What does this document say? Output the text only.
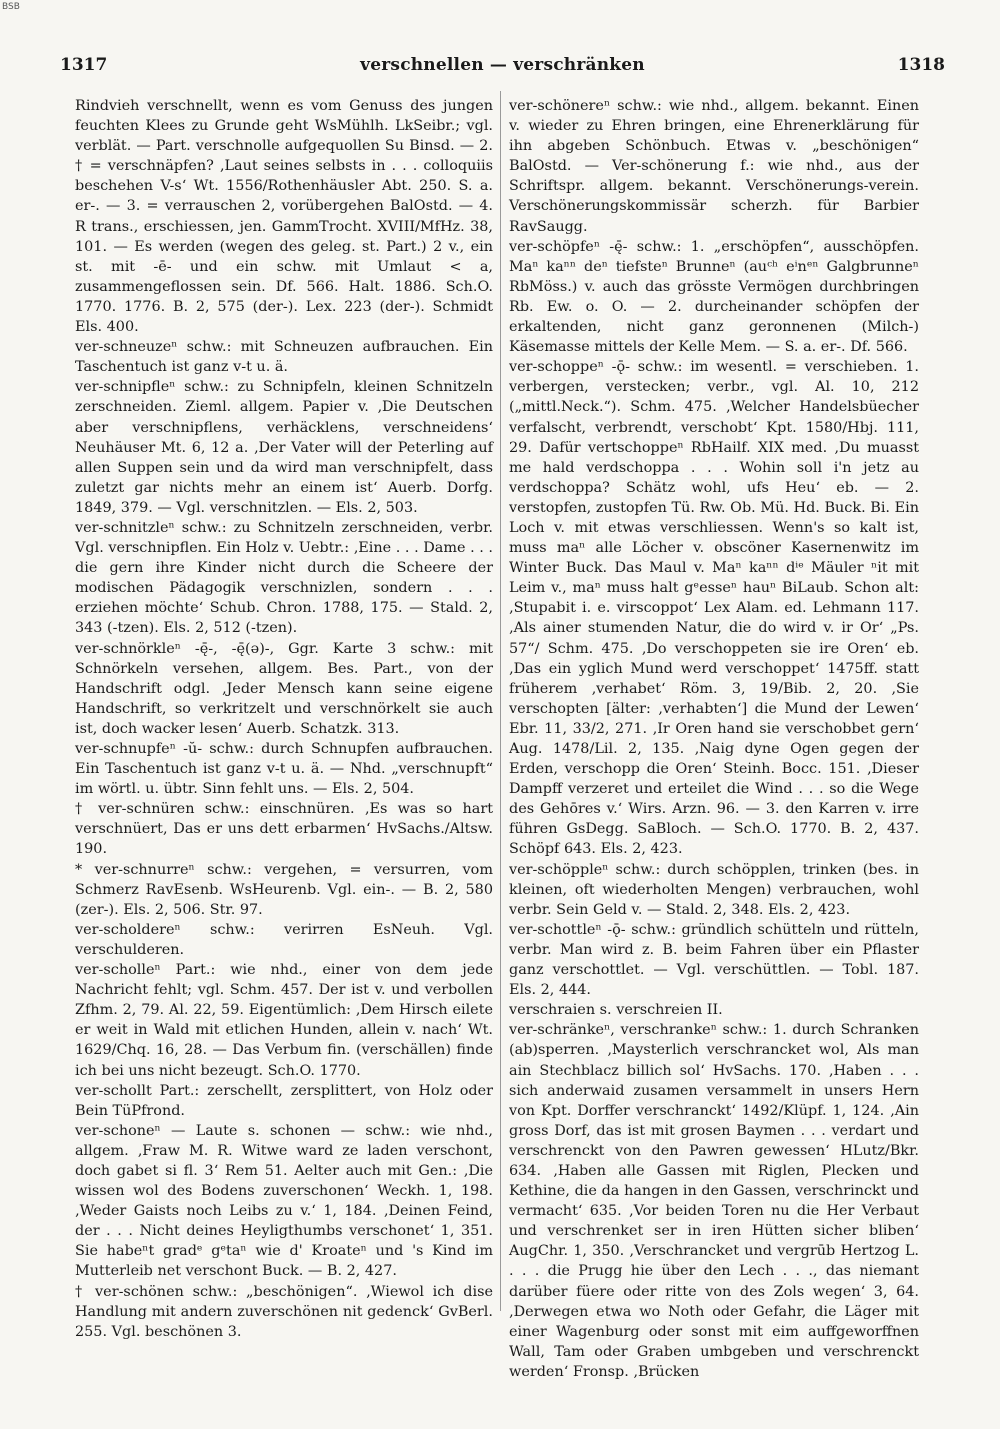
BSB
1317	verschnellen — verschränken	1318

Rindvieh verschnellt, wenn es vom Genuss des jungen feuchten Klees zu Grunde geht WsMühlh. LkSeibr.; vgl. verblät. — Part. verschnolle aufgequollen Su Binsd. — 2. † = verschnäpfen? ‚Laut seines selbsts in . . . colloquiis beschehen V-s‘ Wt. 1556/Rothenhäusler Abt. 250. S. a. er-. — 3. = verrauschen 2, vorübergehen BalOstd. — 4. R trans., erschiessen, jen. GammTrocht. XVIII/MfHz. 38, 101. — Es werden (wegen des geleg. st. Part.) 2 v., ein st. mit -ē- und ein schw. mit Umlaut < a, zusammengeflossen sein. Df. 566. Halt. 1886. Sch.O. 1770. 1776. B. 2, 575 (der-). Lex. 223 (der-). Schmidt Els. 400.

ver-schneuzeⁿ schw.: mit Schneuzen aufbrauchen. Ein Taschentuch ist ganz v-t u. ä.

ver-schnipfleⁿ schw.: zu Schnipfeln, kleinen Schnitzeln zerschneiden. Zieml. allgem. Papier v. ‚Die Deutschen aber verschnipflens, verhäcklens, verschneidens‘ Neuhäuser Mt. 6, 12 a. ‚Der Vater will der Peterling auf allen Suppen sein und da wird man verschnipfelt, dass zuletzt gar nichts mehr an einem ist‘ Auerb. Dorfg. 1849, 379. — Vgl. verschnitzlen. — Els. 2, 503.

ver-schnitzleⁿ schw.: zu Schnitzeln zerschneiden, verbr. Vgl. verschnipflen. Ein Holz v. Uebtr.: ‚Eine . . . Dame . . . die gern ihre Kinder nicht durch die Scheere der modischen Pädagogik verschnizlen, sondern . . . erziehen möchte‘ Schub. Chron. 1788, 175. — Stald. 2, 343 (-tzen). Els. 2, 512 (-tzen).

ver-schnörkleⁿ -ę̄-, -ę̄(ə)-, Ggr. Karte 3 schw.: mit Schnörkeln versehen, allgem. Bes. Part., von der Handschrift odgl. ‚Jeder Mensch kann seine eigene Handschrift, so verkritzelt und verschnörkelt sie auch ist, doch wacker lesen‘ Auerb. Schatzk. 313.

ver-schnupfeⁿ -ŭ- schw.: durch Schnupfen aufbrauchen. Ein Taschentuch ist ganz v-t u. ä. — Nhd. „verschnupft“ im wörtl. u. übtr. Sinn fehlt uns. — Els. 2, 504.

† ver-schnüren schw.: einschnüren. ‚Es was so hart verschnüert, Das er uns dett erbarmen‘ HvSachs./Altsw. 190.

* ver-schnurreⁿ schw.: vergehen, = versurren, vom Schmerz RavEsenb. WsHeurenb. Vgl. ein-. — B. 2, 580 (zer-). Els. 2, 506. Str. 97.

ver-scholdereⁿ schw.: verirren EsNeuh. Vgl. verschulderen.

ver-scholleⁿ Part.: wie nhd., einer von dem jede Nachricht fehlt; vgl. Schm. 457. Der ist v. und verbollen Zfhm. 2, 79. Al. 22, 59. Eigentümlich: ‚Dem Hirsch eilete er weit in Wald mit etlichen Hunden, allein v. nach‘ Wt. 1629/Chq. 16, 28. — Das Verbum fin. (verschällen) finde ich bei uns nicht bezeugt. Sch.O. 1770.

ver-schollt Part.: zerschellt, zersplittert, von Holz oder Bein TüPfrond.

ver-schoneⁿ — Laute s. schonen — schw.: wie nhd., allgem. ‚Fraw M. R. Witwe ward ze laden verschont, doch gabet si fl. 3‘ Rem 51. Aelter auch mit Gen.: ‚Die wissen wol des Bodens zuverschonen‘ Weckh. 1, 198. ‚Weder Gaists noch Leibs zu v.‘ 1, 184. ‚Deinen Feind, der . . . Nicht deines Heyligthumbs verschonet‘ 1, 351. Sie habeⁿt gradᵉ gᵉtaⁿ wie d' Kroateⁿ und 's Kind im Mutterleib net verschont Buck. — B. 2, 427.

† ver-schönen schw.: „beschönigen“. ‚Wiewol ich dise Handlung mit andern zuverschönen nit gedenck‘ GvBerl. 255. Vgl. beschönen 3.

ver-schönereⁿ schw.: wie nhd., allgem. bekannt. Einen v. wieder zu Ehren bringen, eine Ehrenerklärung für ihn abgeben Schönbuch. Etwas v. „beschönigen“ BalOstd. — Ver-schönerung f.: wie nhd., aus der Schriftspr. allgem. bekannt. Verschönerungs-verein. Verschönerungskommissär scherzh. für Barbier RavSaugg.

ver-schöpfeⁿ -ę̄- schw.: 1. „erschöpfen“, ausschöpfen. Maⁿ kaⁿⁿ deⁿ tiefsteⁿ Brunneⁿ (auᶜʰ eⁱnᵉⁿ Galgbrunneⁿ RbMöss.) v. auch das grösste Vermögen durchbringen Rb. Ew. o. O. — 2. durcheinander schöpfen der erkaltenden, nicht ganz geronnenen (Milch-) Käsemasse mittels der Kelle Mem. — S. a. er-. Df. 566.

ver-schoppeⁿ -ǭ- schw.: im wesentl. = verschieben. 1. verbergen, verstecken; verbr., vgl. Al. 10, 212 („mittl.Neck.“). Schm. 475. ‚Welcher Handelsbüecher verfalscht, verbrendt, verschobt‘ Kpt. 1580/Hbj. 111, 29. Dafür vertschoppeⁿ RbHailf. XIX med. ‚Du muasst me hald verdschoppa . . . Wohin soll i'n jetz au verdschoppa? Schätz wohl, ufs Heu‘ eb. — 2. verstopfen, zustopfen Tü. Rw. Ob. Mü. Hd. Buck. Bi. Ein Loch v. mit etwas verschliessen. Wenn's so kalt ist, muss maⁿ alle Löcher v. obscöner Kasernenwitz im Winter Buck. Das Maul v. Maⁿ kaⁿⁿ dⁱᵉ Mäuler ⁿit mit Leim v., maⁿ muss halt gᵉesseⁿ hauⁿ BiLaub. Schon alt: ‚Stupabit i. e. virscoppot‘ Lex Alam. ed. Lehmann 117. ‚Als ainer stumenden Natur, die do wird v. ir Or‘ „Ps. 57“/ Schm. 475. ‚Do verschoppeten sie ire Oren‘ eb. ‚Das ein yglich Mund werd verschoppet‘ 1475ff. statt früherem ‚verhabet‘ Röm. 3, 19/Bib. 2, 20. ‚Sie verschopten [älter: ‚verhabten‘] die Mund der Lewen‘ Ebr. 11, 33/2, 271. ‚Ir Oren hand sie verschobbet gern‘ Aug. 1478/Lil. 2, 135. ‚Naig dyne Ogen gegen der Erden, verschopp die Oren‘ Steinh. Bocc. 151. ‚Dieser Dampff verzeret und erteilet die Wind . . . so die Wege des Gehōres v.‘ Wirs. Arzn. 96. — 3. den Karren v. irre führen GsDegg. SaBloch. — Sch.O. 1770. B. 2, 437. Schöpf 643. Els. 2, 423.

ver-schöppleⁿ schw.: durch schöpplen, trinken (bes. in kleinen, oft wiederholten Mengen) verbrauchen, wohl verbr. Sein Geld v. — Stald. 2, 348. Els. 2, 423.

ver-schottleⁿ -ǭ- schw.: gründlich schütteln und rütteln, verbr. Man wird z. B. beim Fahren über ein Pflaster ganz verschottlet. — Vgl. verschüttlen. — Tobl. 187. Els. 2, 444.

verschraien s. verschreien II.

ver-schränkeⁿ, verschrankeⁿ schw.: 1. durch Schranken (ab)sperren. ‚Maysterlich verschrancket wol, Als man ain Stechblacz billich sol‘ HvSachs. 170. ‚Haben . . . sich anderwaid zusamen versammelt in unsers Hern von Kpt. Dorffer verschranckt‘ 1492/Klüpf. 1, 124. ‚Ain gross Dorf, das ist mit grosen Baymen . . . verdart und verschrenckt von den Pawren gewessen‘ HLutz/Bkr. 634. ‚Haben alle Gassen mit Riglen, Plecken und Kethine, die da hangen in den Gassen, verschrinckt und vermacht‘ 635. ‚Vor beiden Toren nu die Her Verbaut und verschrenket ser in iren Hütten sicher bliben‘ AugChr. 1, 350. ‚Verschrancket und vergrūb Hertzog L. . . . die Prugg hie über den Lech . . ., das niemant darüber füere oder ritte von des Zols wegen‘ 3, 64. ‚Derwegen etwa wo Noth oder Gefahr, die Läger mit einer Wagenburg oder sonst mit eim auffgeworffnen Wall, Tam oder Graben umbgeben und verschrenckt werden‘ Fronsp. ‚Brücken
